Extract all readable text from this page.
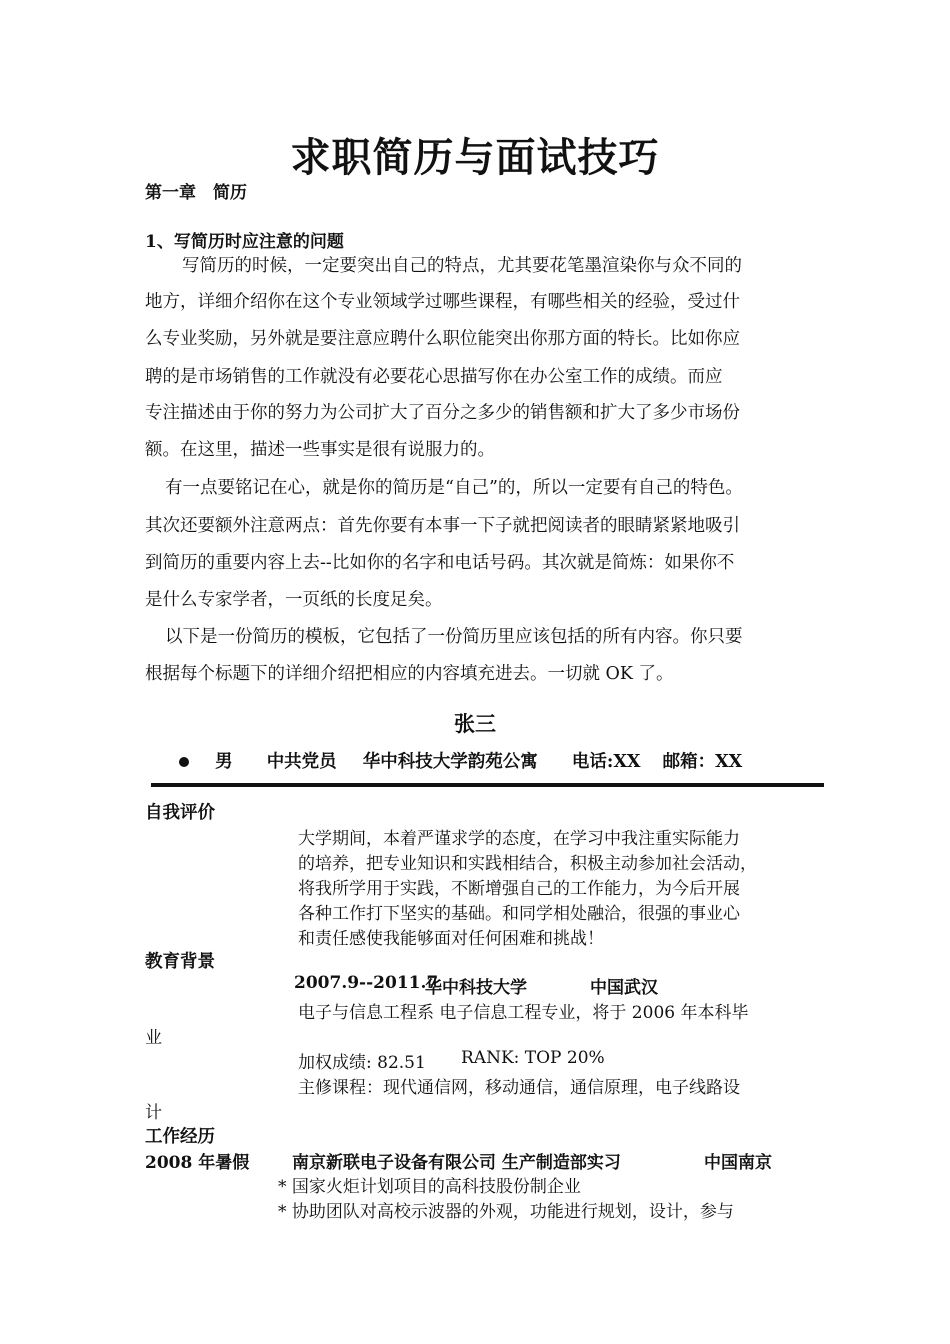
求职简历与面试技巧
第一章　简历
1、写简历时应注意的问题
写简历的时候，一定要突出自己的特点，尤其要花笔墨渲染你与众不同的
地方，详细介绍你在这个专业领域学过哪些课程，有哪些相关的经验，受过什
么专业奖励，另外就是要注意应聘什么职位能突出你那方面的特长。比如你应
聘的是市场销售的工作就没有必要花心思描写你在办公室工作的成绩。而应
专注描述由于你的努力为公司扩大了百分之多少的销售额和扩大了多少市场份
额。在这里，描述一些事实是很有说服力的。
有一点要铭记在心，就是你的简历是“自己”的，所以一定要有自己的特色。
其次还要额外注意两点：首先你要有本事一下子就把阅读者的眼睛紧紧地吸引
到简历的重要内容上去--比如你的名字和电话号码。其次就是简炼：如果你不
是什么专家学者，一页纸的长度足矣。
以下是一份简历的模板，它包括了一份简历里应该包括的所有内容。你只要
根据每个标题下的详细介绍把相应的内容填充进去。一切就 OK 了。
张三
男 中共党员 华中科技大学韵苑公寓 电话:XX 邮箱：XX
自我评价
大学期间，本着严谨求学的态度，在学习中我注重实际能力
的培养，把专业知识和实践相结合，积极主动参加社会活动，
将我所学用于实践，不断增强自己的工作能力，为今后开展
各种工作打下坚实的基础。和同学相处融洽，很强的事业心
和责任感使我能够面对任何困难和挑战！
教育背景
2007.9--2011.7
华中科技大学	中国武汉
电子与信息工程系 电子信息工程专业，将于 2006 年本科毕
业
加权成绩: 82.51 RANK: TOP 20%
主修课程：现代通信网，移动通信，通信原理，电子线路设
计
工作经历
2008 年暑假	南京新联电子设备有限公司 生产制造部实习	中国南京
* 国家火炬计划项目的高科技股份制企业
* 协助团队对高校示波器的外观，功能进行规划，设计，参与
